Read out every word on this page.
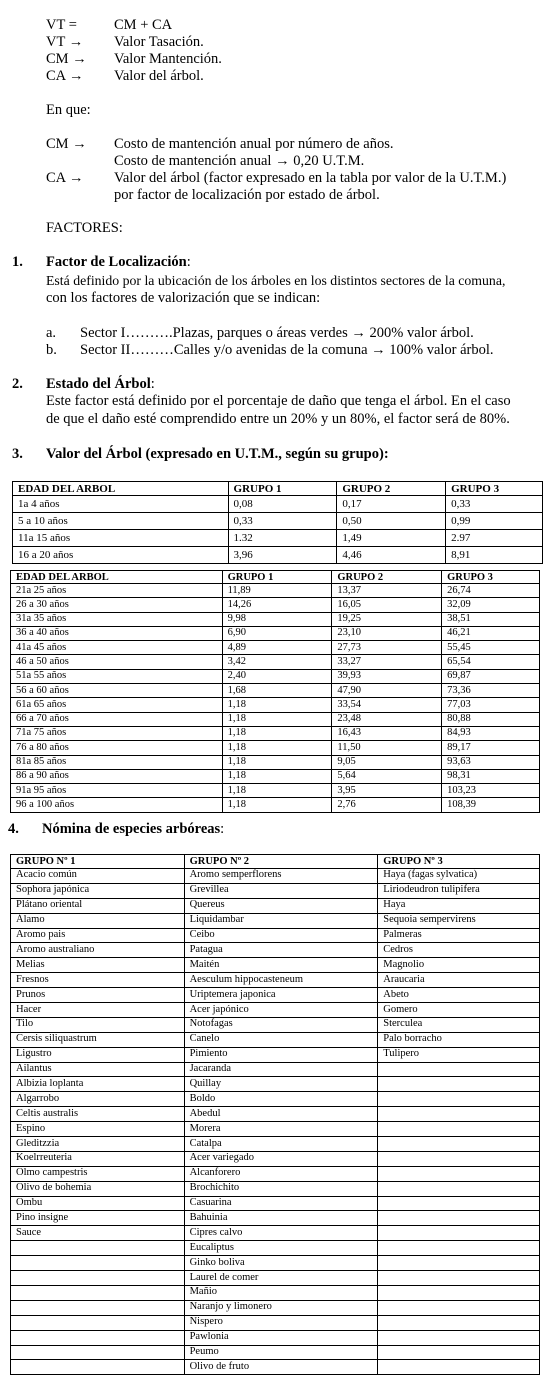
VT =	CM + CA
VT → Valor Tasación.
CM → Valor Mantención.
CA → Valor del árbol.
En que:
CM → Costo de mantención anual por número de años.
Costo de mantención anual → 0,20 U.T.M.
CA → Valor del árbol (factor expresado en la tabla por valor de la U.T.M.)
por factor de localización por estado de árbol.
FACTORES:
1. Factor de Localización:
Está definido por la ubicación de los árboles en los distintos sectores de la comuna,
con los factores de valorización que se indican:
a. Sector I……….Plazas, parques o áreas verdes → 200% valor árbol.
b. Sector II………Calles y/o avenidas de la comuna → 100% valor árbol.
2. Estado del Árbol:
Este factor está definido por el porcentaje de daño que tenga el árbol. En el caso
de que el daño esté comprendido entre un 20% y un 80%, el factor será de 80%.
3. Valor del Árbol (expresado en U.T.M., según su grupo):
EDAD DEL ARBOL	GRUPO 1	GRUPO 2	GRUPO 3
1a 4 años	0,08	0,17	0,33
5 a 10 años	0,33	0,50	0,99
11a 15 años	1.32	1,49	2.97
16 a 20 años	3,96	4,46	8,91
EDAD DEL ARBOL	GRUPO 1	GRUPO 2	GRUPO 3
21a 25 años	11,89	13,37	26,74
26 a 30 años	14,26	16,05	32,09
31a 35 años	9,98	19,25	38,51
36 a 40 años	6,90	23,10	46,21
41a 45 años	4,89	27,73	55,45
46 a 50 años	3,42	33,27	65,54
51a 55 años	2,40	39,93	69,87
56 a 60 años	1,68	47,90	73,36
61a 65 años	1,18	33,54	77,03
66 a 70 años	1,18	23,48	80,88
71a 75 años	1,18	16,43	84,93
76 a 80 años	1,18	11,50	89,17
81a 85 años	1,18	9,05	93,63
86 a 90 años	1,18	5,64	98,31
91a 95 años	1,18	3,95	103,23
96 a 100 años	1,18	2,76	108,39
4. Nómina de especies arbóreas:
GRUPO Nº 1	GRUPO Nº 2	GRUPO Nº 3
Acacio común	Aromo semperflorens	Haya (fagas sylvatica)
Sophora japónica	Grevillea	Liriodeudron tulipifera
Plátano oriental	Quereus	Haya
Álamo	Liquidambar	Sequoia sempervirens
Aromo pais	Ceibo	Palmeras
Aromo australiano	Patagua	Cedros
Melias	Maitén	Magnolio
Fresnos	Aesculum hippocasteneum	Araucaria
Prunos	Uriptemera japonica	Abeto
Hacer	Acer japónico	Gomero
Tilo	Notofagas	Sterculea
Cersis siliquastrum	Canelo	Palo borracho
Ligustro	Pimiento	Tulipero
Ailantus	Jacaranda	
Albizia loplanta	Quillay	
Algarrobo	Boldo	
Celtis australis	Abedul	
Espino	Morera	
Gleditzzia	Catalpa	
Koelrreuteria	Acer variegado	
Olmo campestris	Alcanforero	
Olivo de bohemia	Brochichito	
Ombu	Casuarina	
Pino insigne	Bahuinia	
Sauce	Cipres calvo	
	Eucaliptus	
	Ginko boliva	
	Laurel de comer	
	Mañio	
	Naranjo y limonero	
	Nispero	
	Pawlonia	
	Peumo	
	Olivo de fruto	
